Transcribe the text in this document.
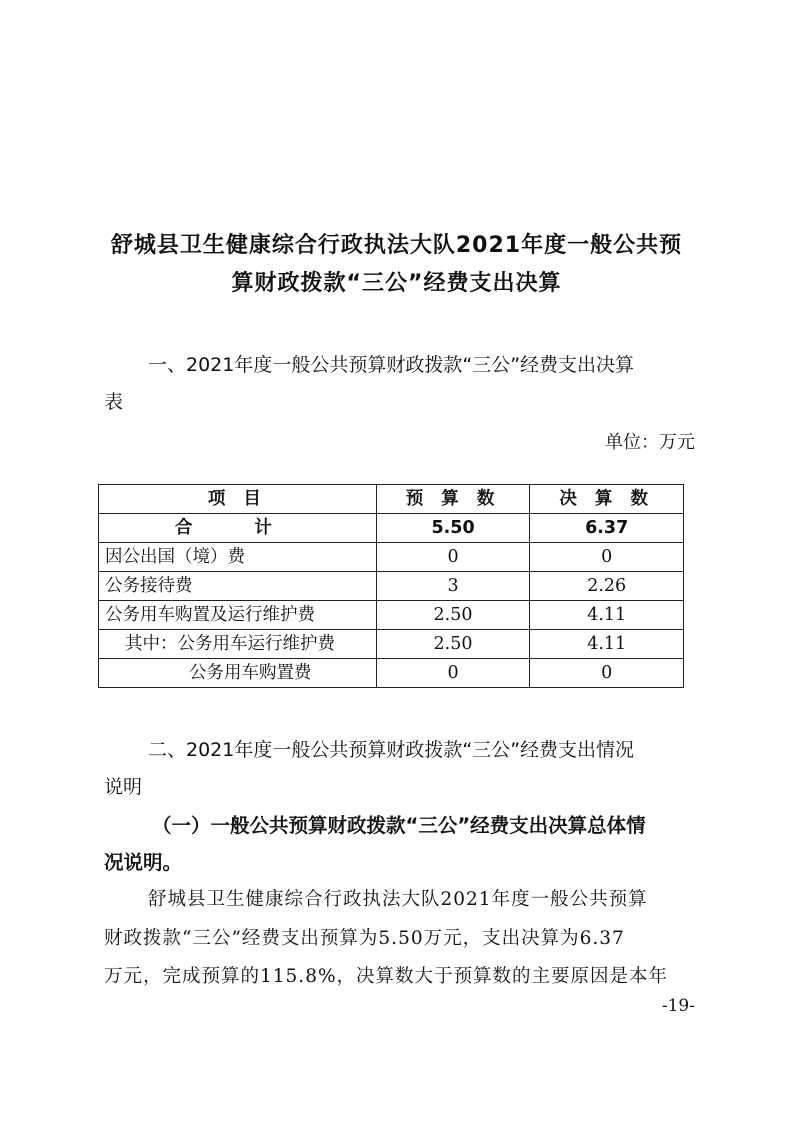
舒城县卫生健康综合行政执法大队2021年度一般公共预
算财政拨款“三公”经费支出决算
一、2021年度一般公共预算财政拨款“三公”经费支出决算
表
单位：万元
项 目	预 算 数	决 算 数
合 计	5.50	6.37
因公出国（境）费	0	0
公务接待费	3	2.26
公务用车购置及运行维护费	2.50	4.11
其中：公务用车运行维护费	2.50	4.11
公务用车购置费	0	0
二、2021年度一般公共预算财政拨款“三公”经费支出情况
说明
（一）一般公共预算财政拨款“三公”经费支出决算总体情
况说明。
舒城县卫生健康综合行政执法大队2021年度一般公共预算
财政拨款“三公”经费支出预算为5.50万元，支出决算为6.37
万元，完成预算的115.8%，决算数大于预算数的主要原因是本年
-19-
